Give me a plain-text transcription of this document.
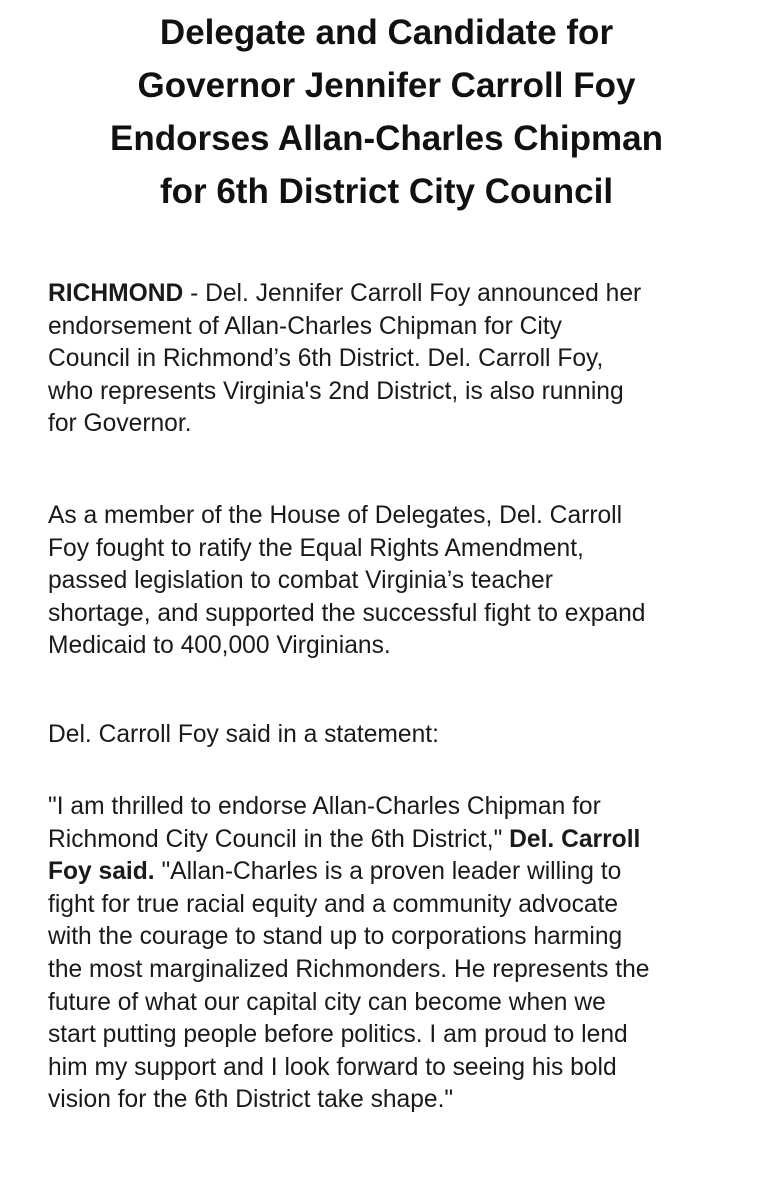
Delegate and Candidate for
Governor Jennifer Carroll Foy
Endorses Allan-Charles Chipman
for 6th District City Council

RICHMOND - Del. Jennifer Carroll Foy announced her
endorsement of Allan-Charles Chipman for City
Council in Richmond’s 6th District. Del. Carroll Foy,
who represents Virginia's 2nd District, is also running
for Governor.

As a member of the House of Delegates, Del. Carroll
Foy fought to ratify the Equal Rights Amendment,
passed legislation to combat Virginia’s teacher
shortage, and supported the successful fight to expand
Medicaid to 400,000 Virginians.

Del. Carroll Foy said in a statement:

"I am thrilled to endorse Allan-Charles Chipman for
Richmond City Council in the 6th District," Del. Carroll
Foy said. "Allan-Charles is a proven leader willing to
fight for true racial equity and a community advocate
with the courage to stand up to corporations harming
the most marginalized Richmonders. He represents the
future of what our capital city can become when we
start putting people before politics. I am proud to lend
him my support and I look forward to seeing his bold
vision for the 6th District take shape."
